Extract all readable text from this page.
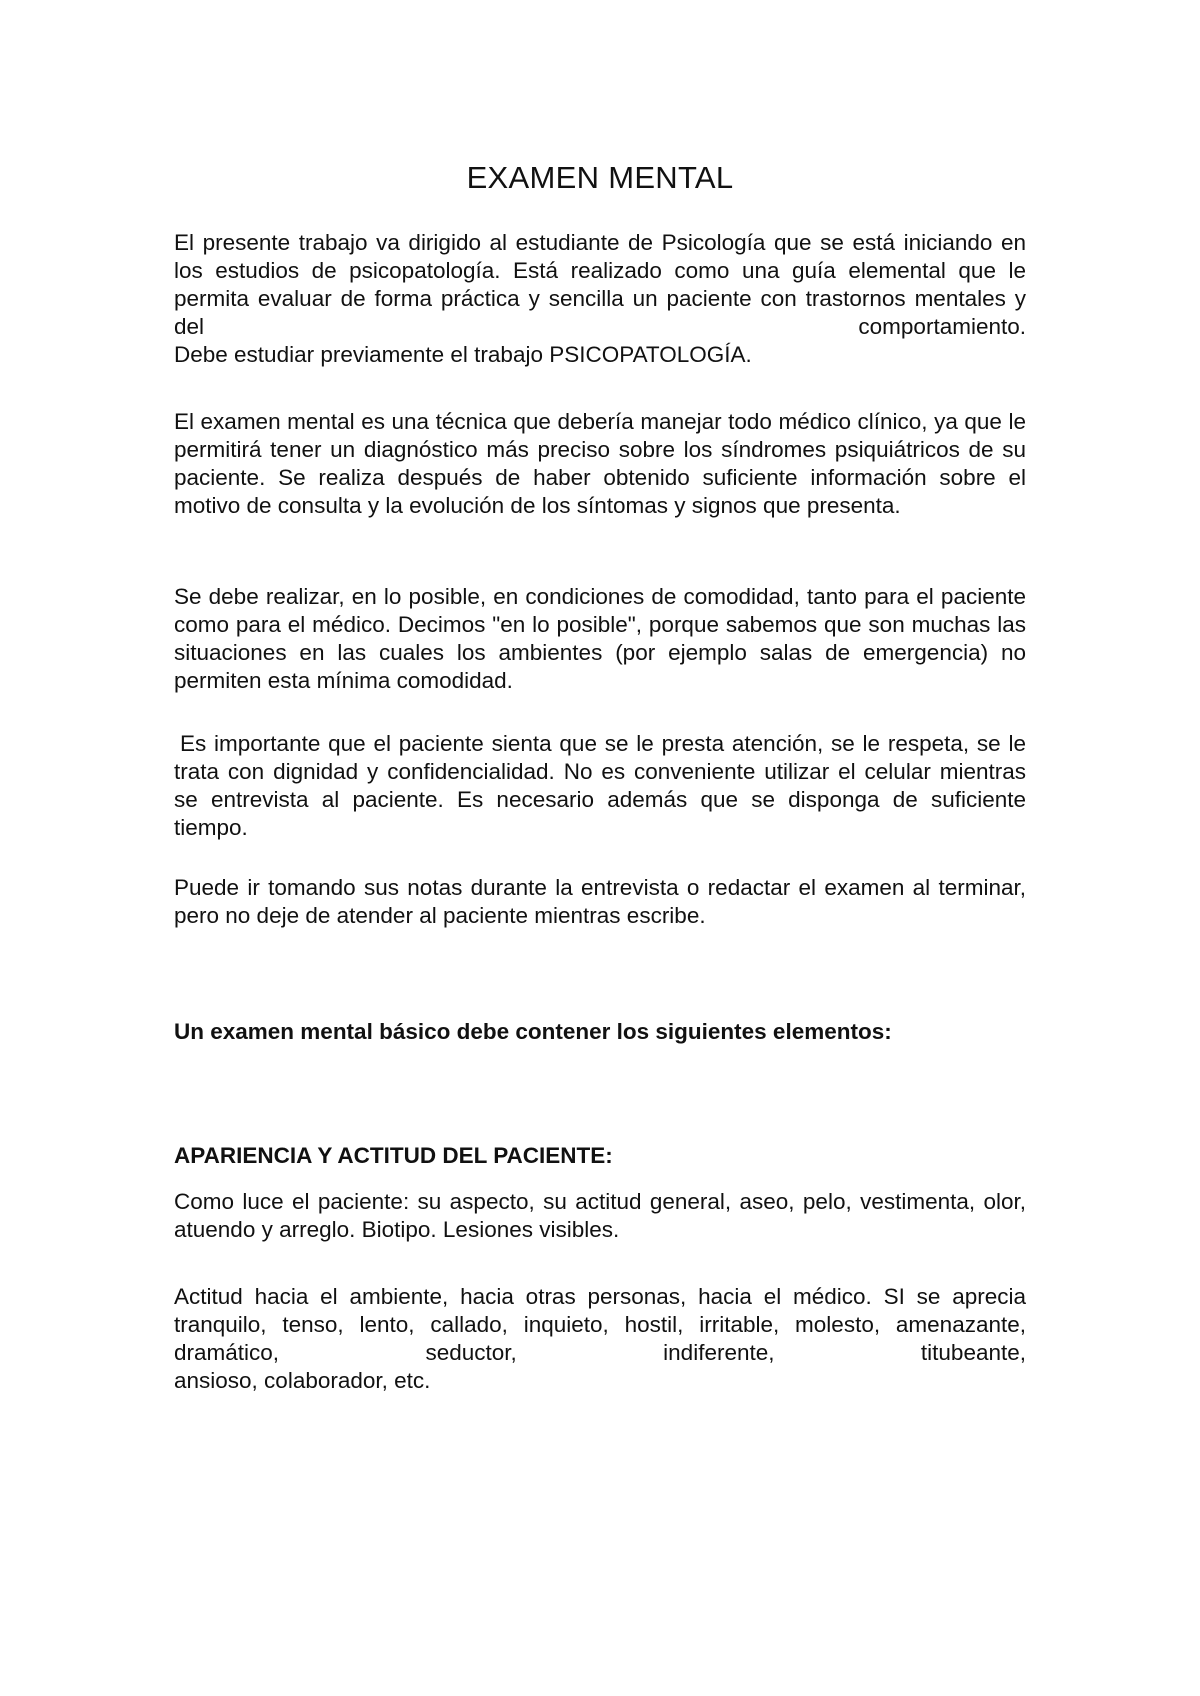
EXAMEN MENTAL

El presente trabajo va dirigido al estudiante de Psicología que se está iniciando en los estudios de psicopatología. Está realizado como una guía elemental que le permita evaluar de forma práctica y sencilla un paciente con trastornos mentales y del comportamiento.

Debe estudiar previamente el trabajo PSICOPATOLOGÍA.

El examen mental es una técnica que debería manejar todo médico clínico, ya que le permitirá tener un diagnóstico más preciso sobre los síndromes psiquiátricos de su paciente. Se realiza después de haber obtenido suficiente información sobre el motivo de consulta y la evolución de los síntomas y signos que presenta.

Se debe realizar, en lo posible, en condiciones de comodidad, tanto para el paciente como para el médico. Decimos "en lo posible", porque sabemos que son muchas las situaciones en las cuales los ambientes (por ejemplo salas de emergencia) no permiten esta mínima comodidad.

Es importante que el paciente sienta que se le presta atención, se le respeta, se le trata con dignidad y confidencialidad. No es conveniente utilizar el celular mientras se entrevista al paciente. Es necesario además que se disponga de suficiente tiempo.

Puede ir tomando sus notas durante la entrevista o redactar el examen al terminar, pero no deje de atender al paciente mientras escribe.

Un examen mental básico debe contener los siguientes elementos:

APARIENCIA Y ACTITUD DEL PACIENTE:

Como luce el paciente: su aspecto, su actitud general, aseo, pelo, vestimenta, olor, atuendo y arreglo. Biotipo. Lesiones visibles.

Actitud hacia el ambiente, hacia otras personas, hacia el médico. SI se aprecia tranquilo, tenso, lento, callado, inquieto, hostil, irritable, molesto, amenazante, dramático, seductor, indiferente, titubeante,

ansioso, colaborador, etc.
